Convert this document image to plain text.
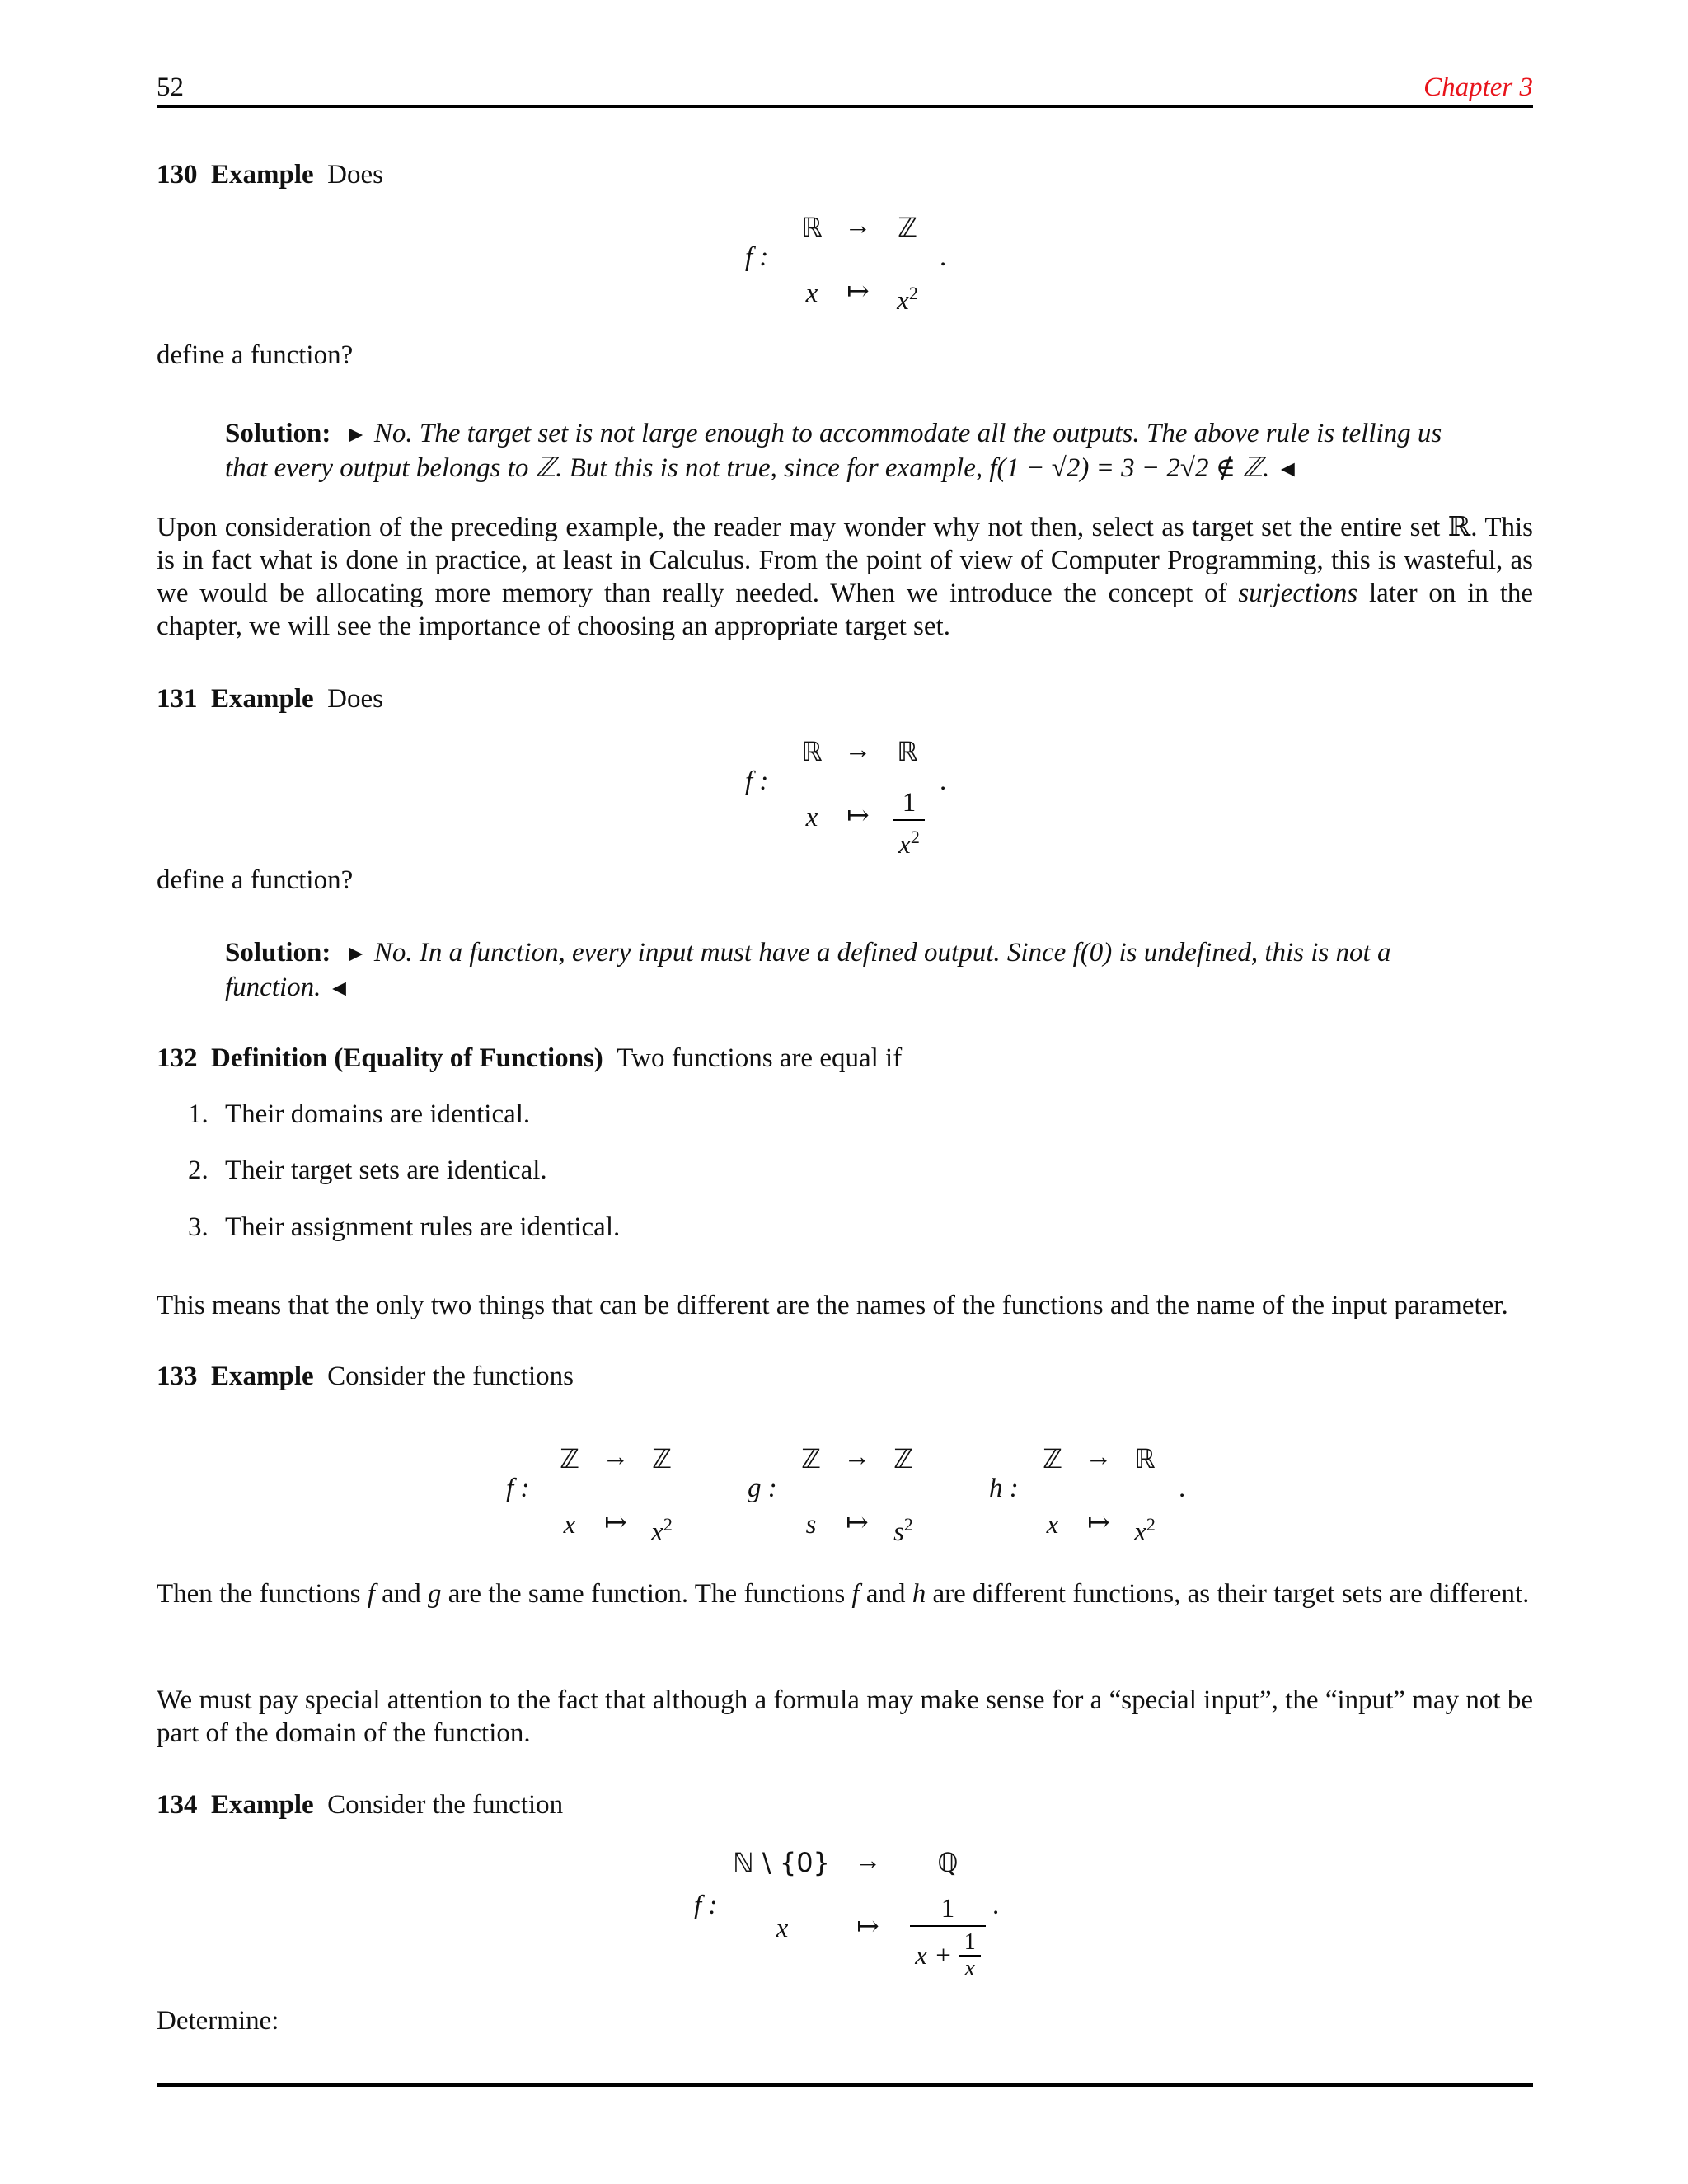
52	Chapter 3
130 Example Does
f :
ℝ → ℤ
.
x	↦	$x^2$
define a function?
Solution: ► No. The target set is not large enough to accommodate all the outputs. The above rule is telling us
that every output belongs to ℤ. But this is not true, since for example, f(1 − √2) = 3 − 2√2 ∉ ℤ. ◄
Upon consideration of the preceding example, the reader may wonder why not then, select as target set the entire set ℝ. This is in fact what is done in practice, at least in Calculus. From the point of view of Computer Programming, this is wasteful, as we would be allocating more memory than really needed. When we introduce the concept of surjections later on in the chapter, we will see the importance of choosing an appropriate target set.
131 Example Does
f :
ℝ → ℝ
.
x	↦ $\frac{1}{x^2}$
define a function?
Solution: ► No. In a function, every input must have a defined output. Since f(0) is undefined, this is not a
function. ◄
132 Definition (Equality of Functions) Two functions are equal if
1. Their domains are identical.
2. Their target sets are identical.
3. Their assignment rules are identical.
This means that the only two things that can be different are the names of the functions and the name of the input parameter.
133 Example Consider the functions
f :
ℤ → ℤ
x	↦ $x^2$
g :
ℤ → ℤ
s	↦ $s^2$
h :
ℤ → ℝ
.
x	↦ $x^2$
Then the functions f and g are the same function. The functions f and h are different functions, as their target sets are different.
We must pay special attention to the fact that although a formula may make sense for a “special input”, the “input” may not be part of the domain of the function.
134 Example Consider the function
f :
ℕ \ {0} →	ℚ
x	↦	$\frac{1}{x + \frac{1}{x}}$ .
Determine:
